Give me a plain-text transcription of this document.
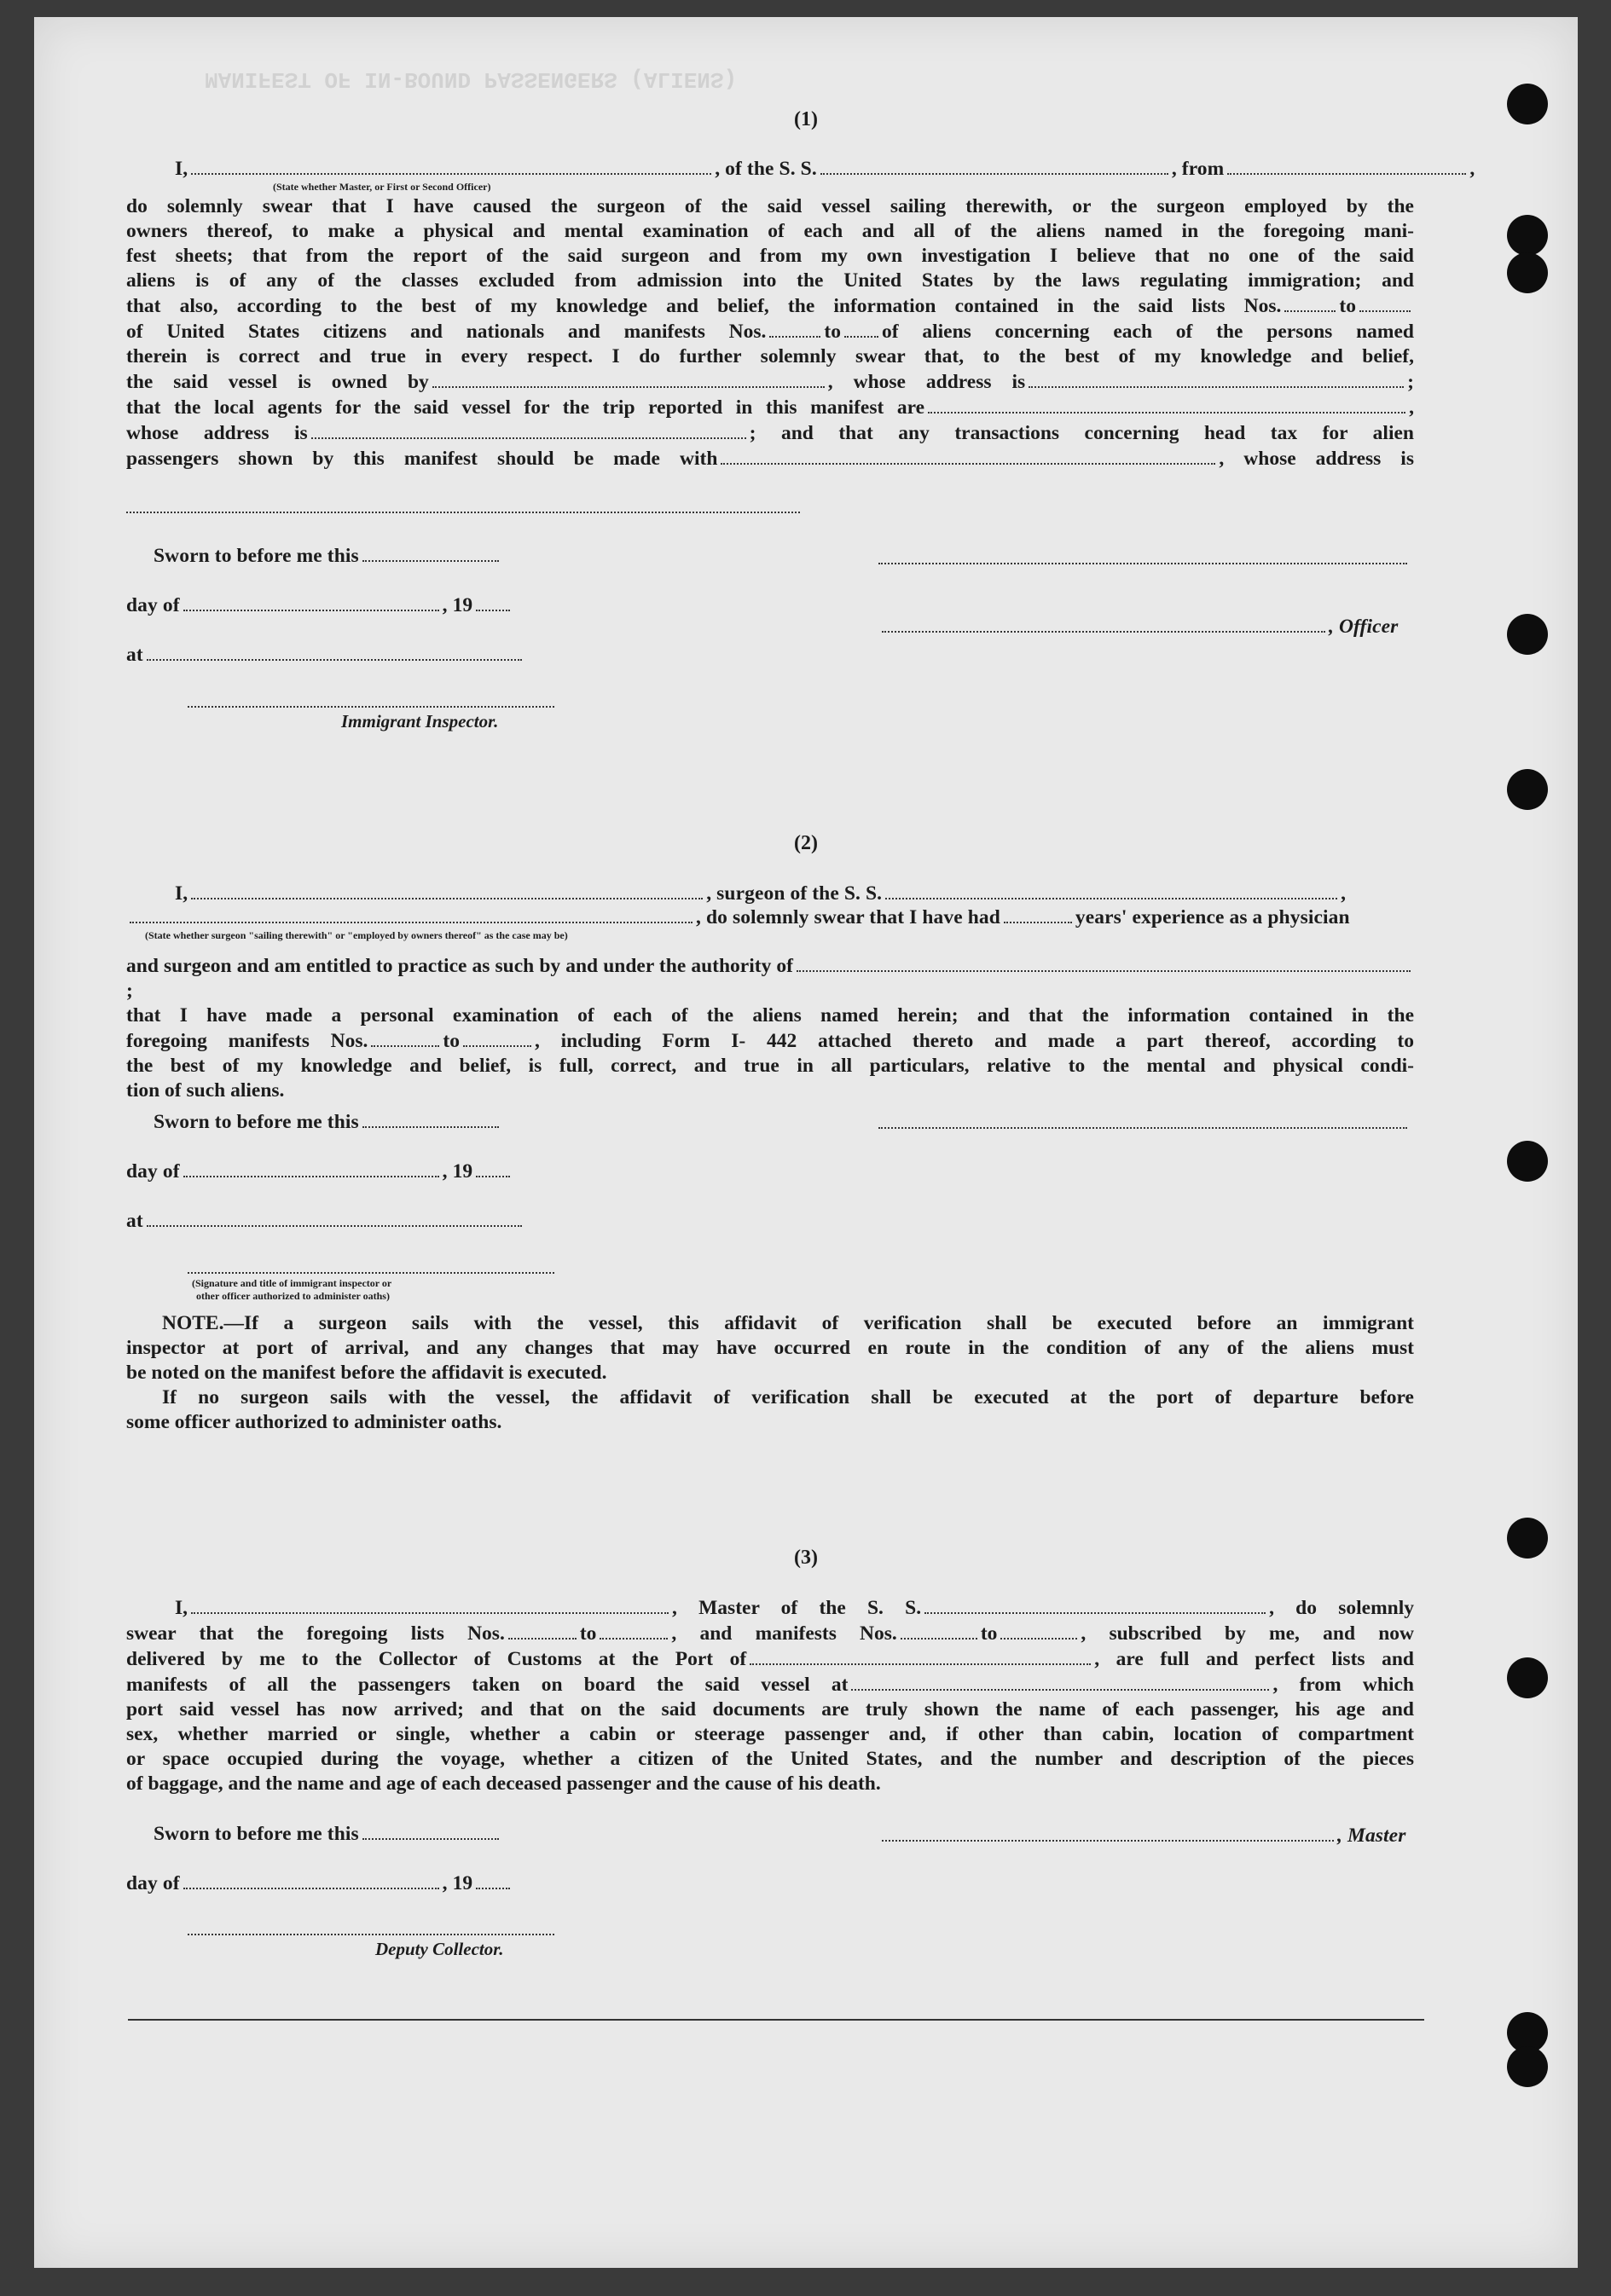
MANIFEST OF IN-BOUND PASSENGERS (ALIENS)
(1)
I,	, of the S. S.	, from	,
(State whether Master, or First or Second Officer)
do solemnly swear that I have caused the surgeon of the said vessel sailing therewith, or the surgeon employed by the
owners thereof, to make a physical and mental examination of each and all of the aliens named in the foregoing mani-
fest sheets; that from the report of the said surgeon and from my own investigation I believe that no one of the said
aliens is of any of the classes excluded from admission into the United States by the laws regulating immigration; and
that also, according to the best of my knowledge and belief, the information contained in the said lists Nos.	to
of United States citizens and nationals and manifests Nos.	to of aliens concerning each of the persons named
therein is correct and true in every respect. I do further solemnly swear that, to the best of my knowledge and belief,
the said vessel is owned by	, whose address is	;
that the local agents for the said vessel for the trip reported in this manifest are	,
whose address is	; and that any transactions concerning head tax for alien
passengers shown by this manifest should be made with	, whose address is
Sworn to before me this
day of	, 19
at
, Officer
Immigrant Inspector.
(2)
I,	, surgeon of the S. S.	,
, do solemnly swear that I have had	years' experience as a physician
(State whether surgeon "sailing therewith" or "employed by owners thereof" as the case may be)
and surgeon and am entitled to practice as such by and under the authority of;
that I have made a personal examination of each of the aliens named herein; and that the information contained in the
foregoing manifests Nos.	to	, including Form I- 442 attached thereto and made a part thereof, according to
the best of my knowledge and belief, is full, correct, and true in all particulars, relative to the mental and physical condi-
tion of such aliens.
Sworn to before me this
day of	, 19
at
(Signature and title of immigrant inspector or
other officer authorized to administer oaths)
NOTE.—If a surgeon sails with the vessel, this affidavit of verification shall be executed before an immigrant
inspector at port of arrival, and any changes that may have occurred en route in the condition of any of the aliens must
be noted on the manifest before the affidavit is executed.
If no surgeon sails with the vessel, the affidavit of verification shall be executed at the port of departure before
some officer authorized to administer oaths.
(3)
I,	, Master of the S. S.	, do solemnly
swear that the foregoing lists Nos.	to	, and manifests Nos.	to	, subscribed by me, and now
delivered by me to the Collector of Customs at the Port of	, are full and perfect lists and
manifests of all the passengers taken on board the said vessel at	, from which
port said vessel has now arrived; and that on the said documents are truly shown the name of each passenger, his age and
sex, whether married or single, whether a cabin or steerage passenger and, if other than cabin, location of compartment
or space occupied during the voyage, whether a citizen of the United States, and the number and description of the pieces
of baggage, and the name and age of each deceased passenger and the cause of his death.
Sworn to before me this	, Master
day of	, 19
Deputy Collector.
